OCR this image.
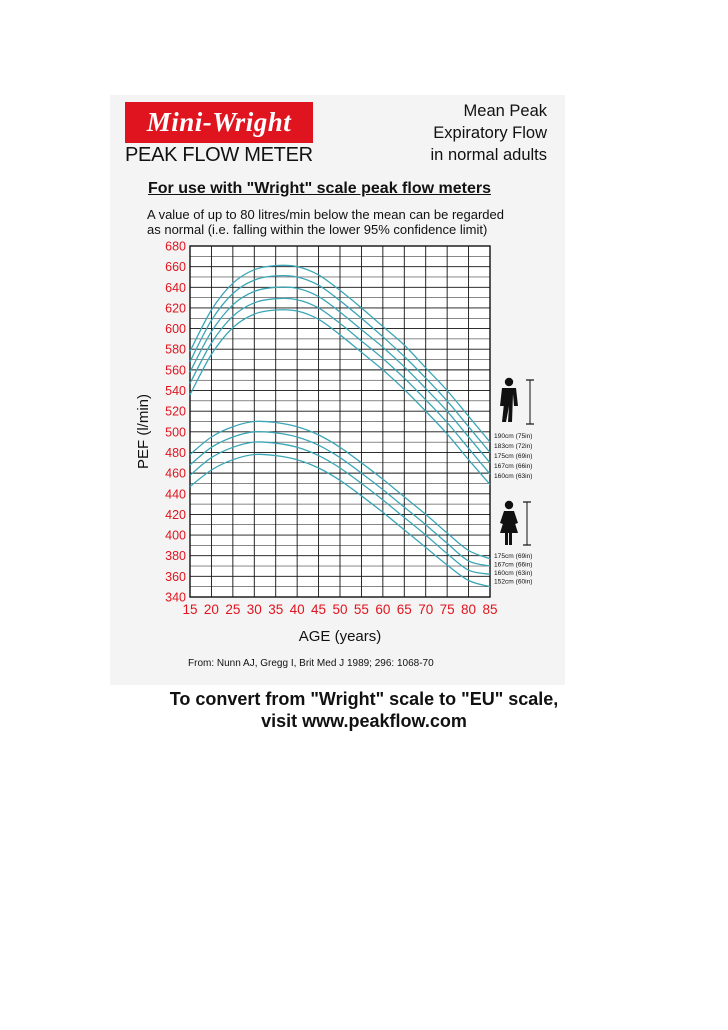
Mini-Wright
PEAK FLOW METER
Mean Peak
Expiratory Flow
in normal adults
For use with "Wright" scale peak flow meters
A value of up to 80 litres/min below the mean can be regarded
as normal (i.e. falling within the lower 95% confidence limit)
340
360
380
400
420
440
460
480
500
520
540
560
580
600
620
640
660
680
15 20 25 30 35 40 45 50 55 60 65 70 75 80 85
AGE (years)
PEF (l/min)	190cm (75in)
183cm (72in)
175cm (69in)
167cm (66in)
160cm (63in)
175cm (69in)
167cm (66in)
160cm (63in)
152cm (60in)
From: Nunn AJ, Gregg I, Brit Med J 1989; 296: 1068-70
To convert from "Wright" scale to "EU" scale,
visit www.peakflow.com
